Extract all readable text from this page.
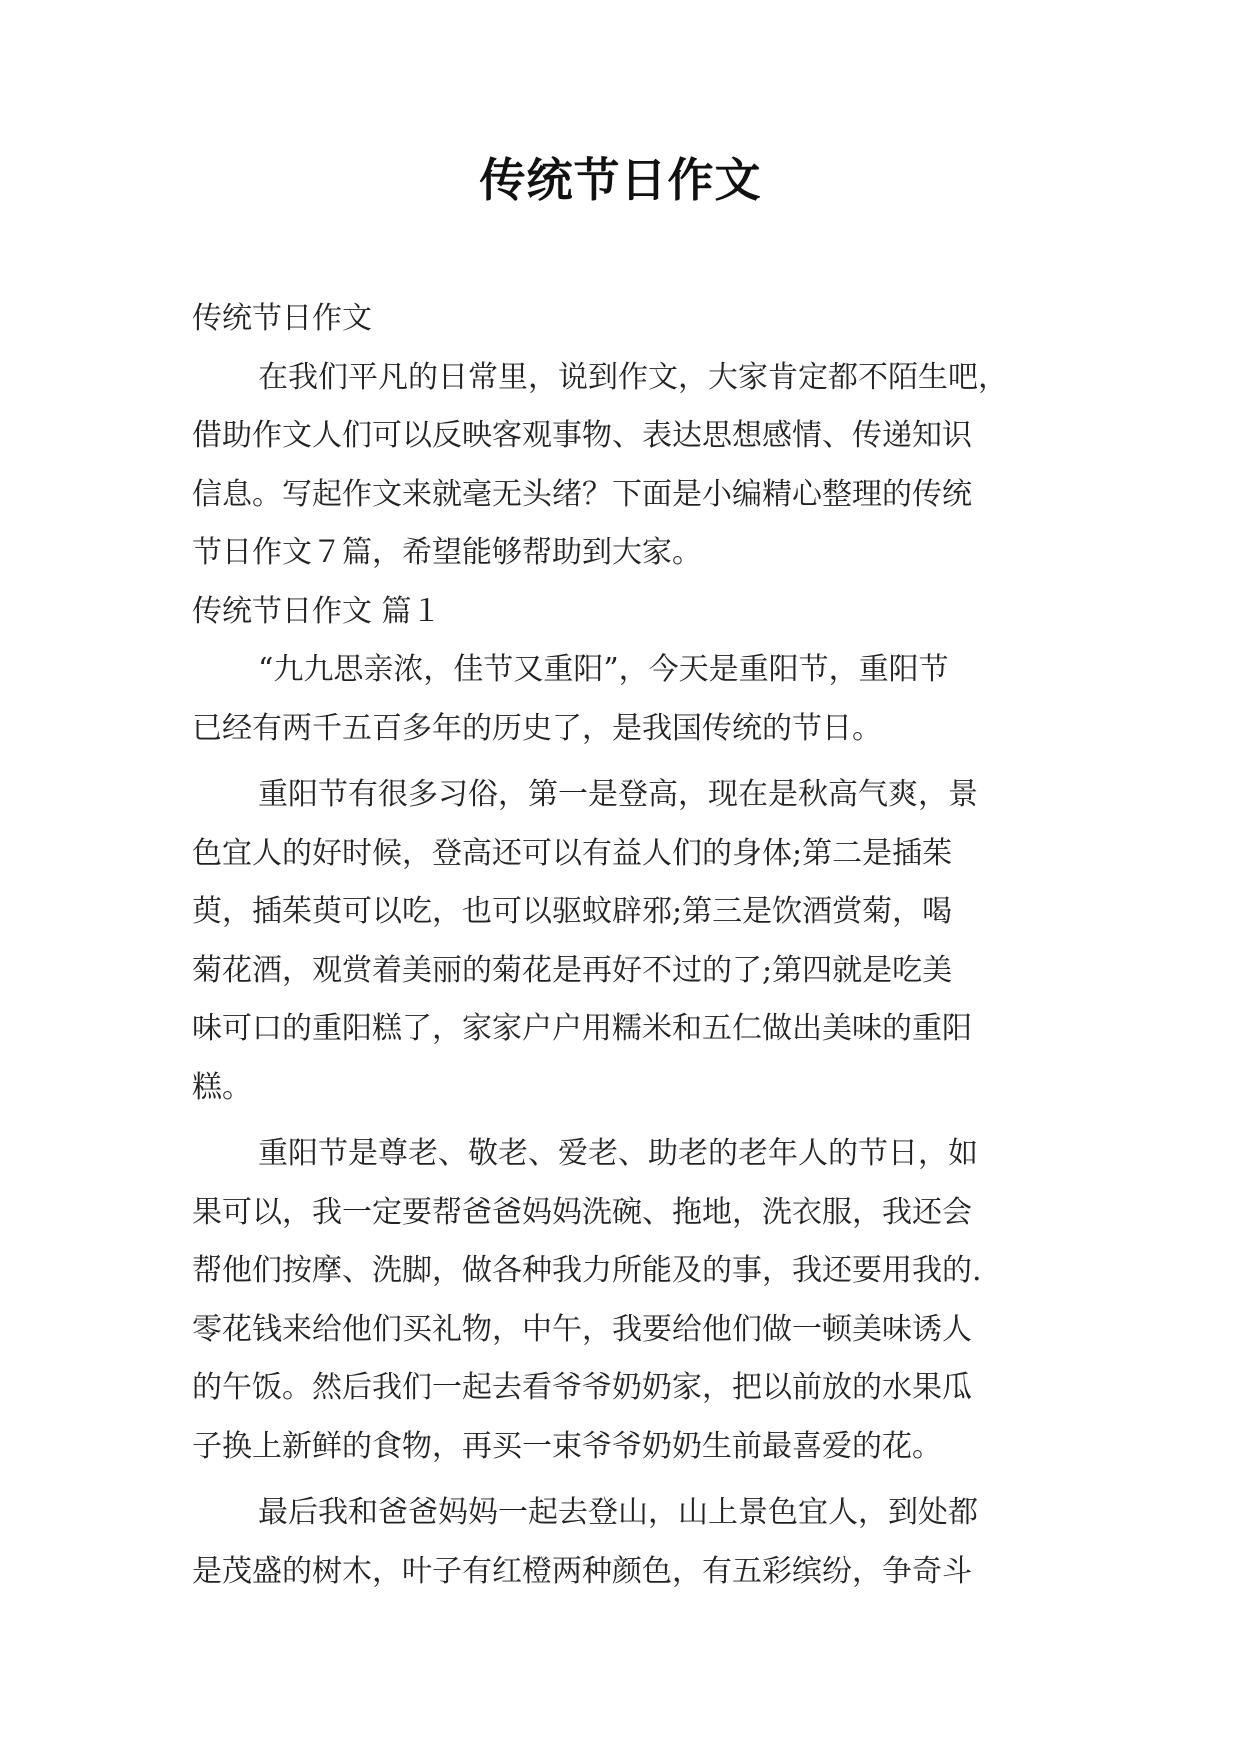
传统节日作文
传统节日作文
在我们平凡的日常里，说到作文，大家肯定都不陌生吧，
借助作文人们可以反映客观事物、表达思想感情、传递知识
信息。写起作文来就毫无头绪？下面是小编精心整理的传统
节日作文７篇，希望能够帮助到大家。
传统节日作文 篇１
“九九思亲浓，佳节又重阳”，今天是重阳节，重阳节
已经有两千五百多年的历史了，是我国传统的节日。
重阳节有很多习俗，第一是登高，现在是秋高气爽，景
色宜人的好时候，登高还可以有益人们的身体;第二是插茱
萸，插茱萸可以吃，也可以驱蚊辟邪;第三是饮酒赏菊，喝
菊花酒，观赏着美丽的菊花是再好不过的了;第四就是吃美
味可口的重阳糕了，家家户户用糯米和五仁做出美味的重阳
糕。
重阳节是尊老、敬老、爱老、助老的老年人的节日，如
果可以，我一定要帮爸爸妈妈洗碗、拖地，洗衣服，我还会
帮他们按摩、洗脚，做各种我力所能及的事，我还要用我的.
零花钱来给他们买礼物，中午，我要给他们做一顿美味诱人
的午饭。然后我们一起去看爷爷奶奶家，把以前放的水果瓜
子换上新鲜的食物，再买一束爷爷奶奶生前最喜爱的花。
最后我和爸爸妈妈一起去登山，山上景色宜人，到处都
是茂盛的树木，叶子有红橙两种颜色，有五彩缤纷，争奇斗
